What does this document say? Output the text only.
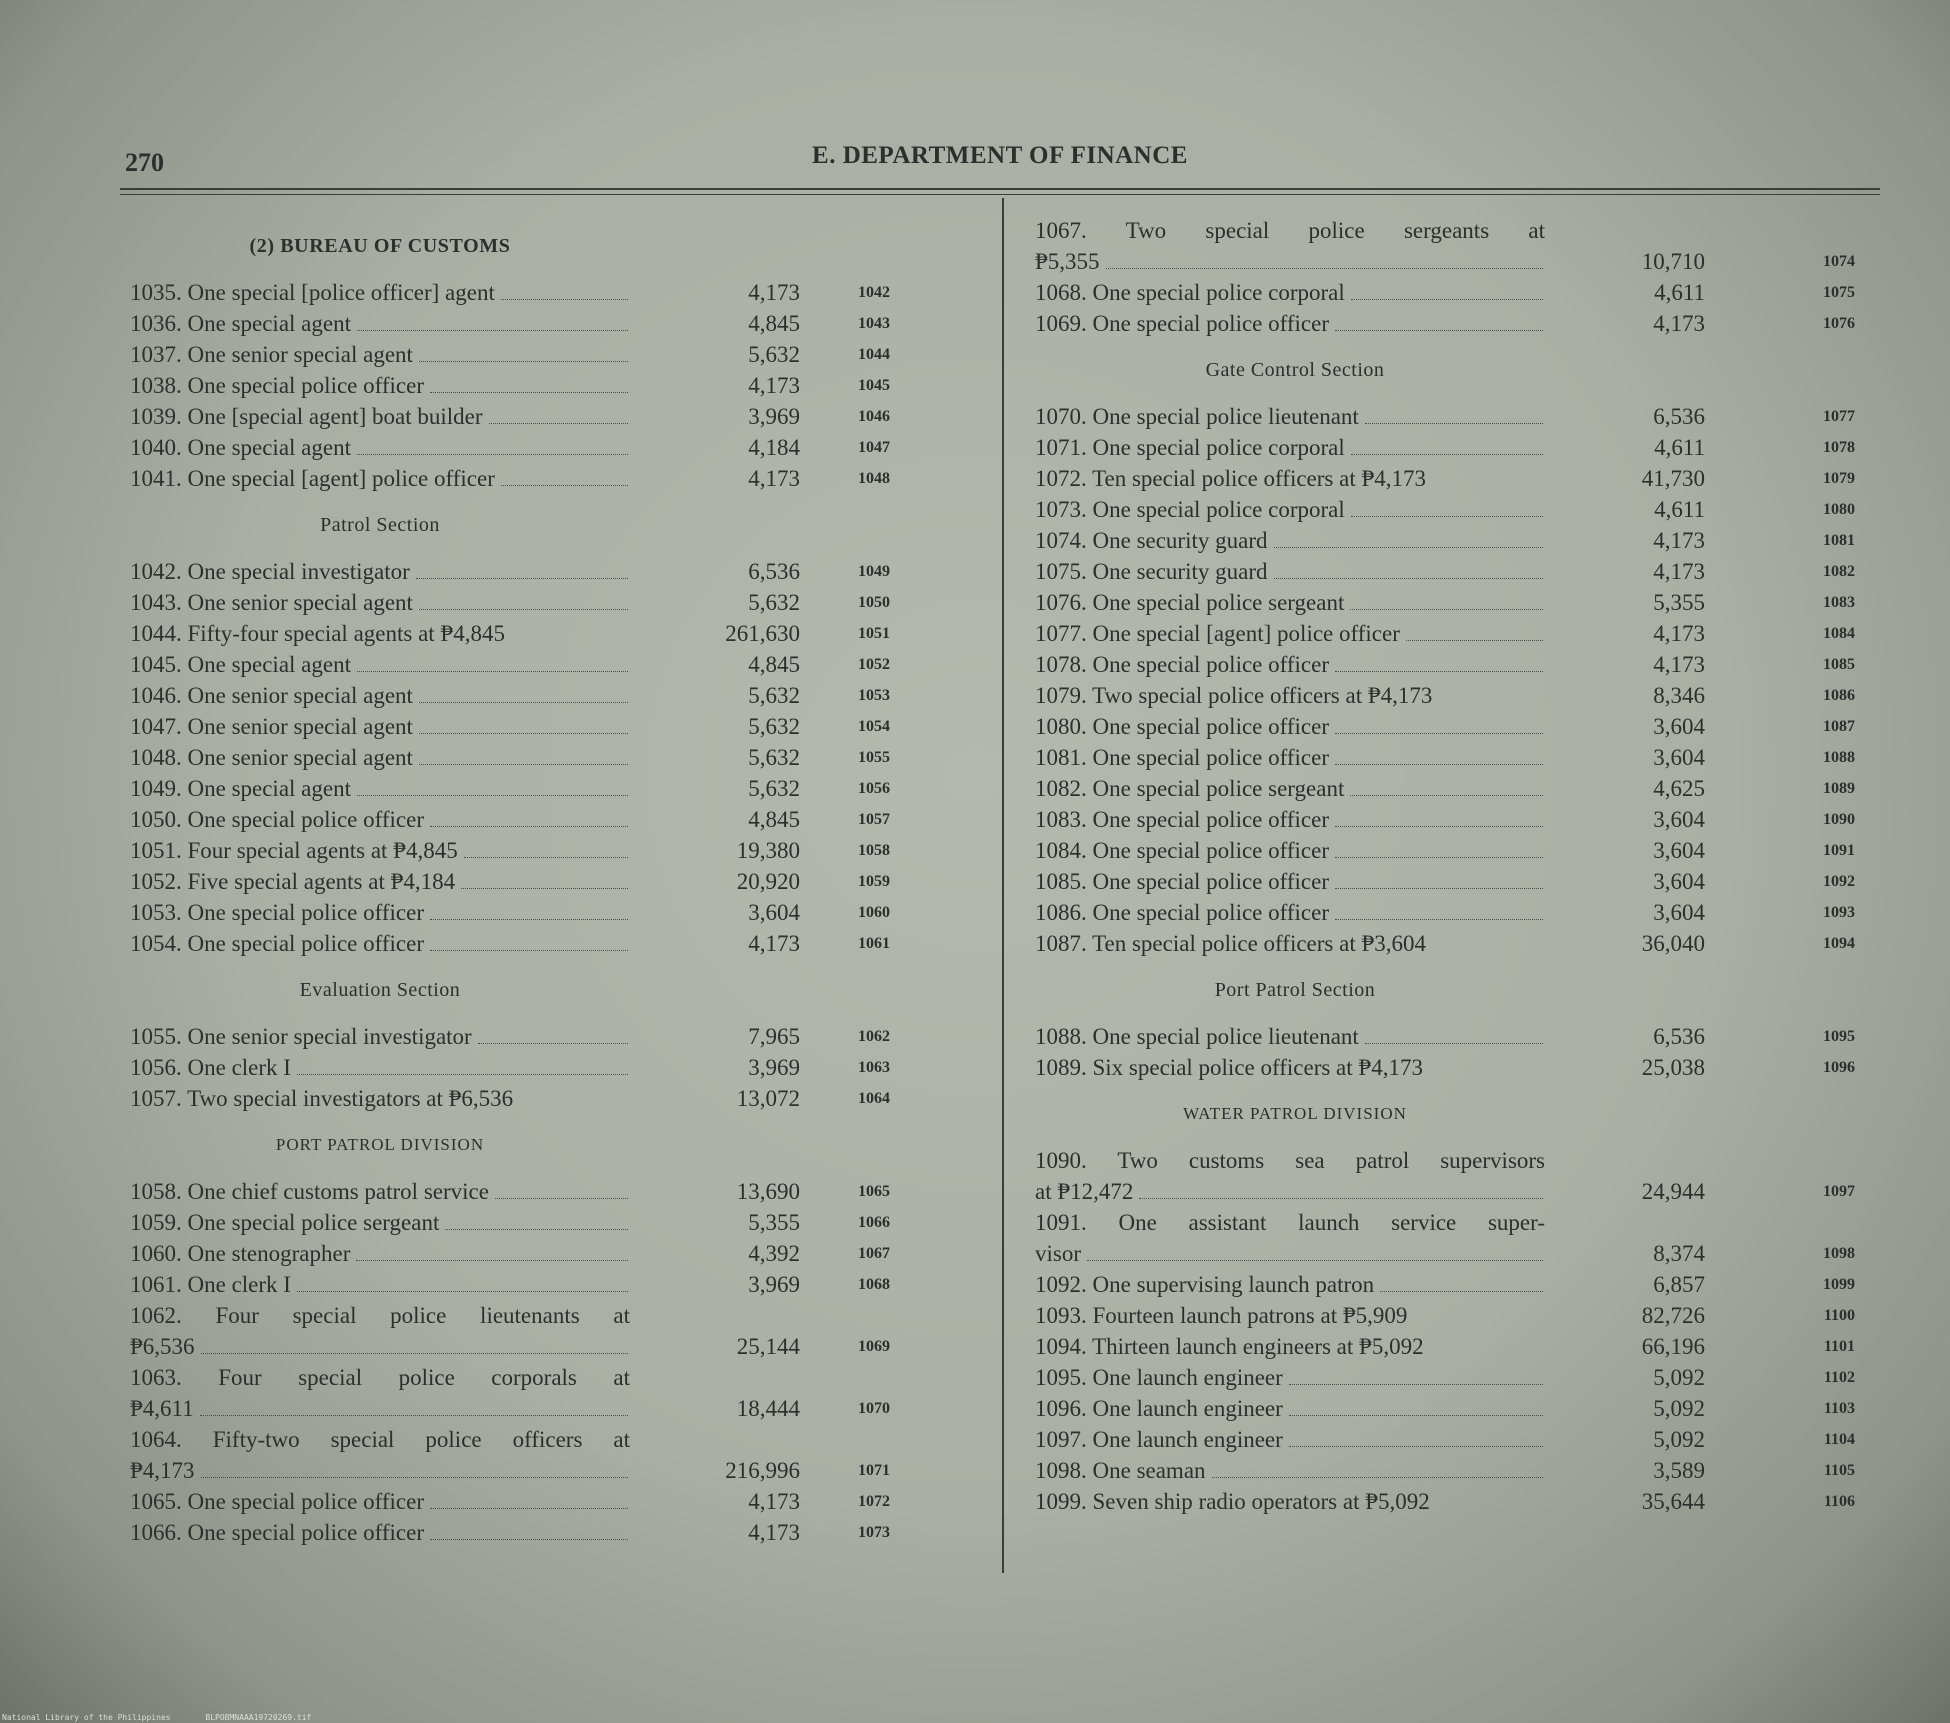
270	E. DEPARTMENT OF FINANCE
(2) BUREAU OF CUSTOMS
1035. One special [police officer] agent	4,173	1042
1036. One special agent	4,845	1043
1037. One senior special agent	5,632	1044
1038. One special police officer	4,173	1045
1039. One [special agent] boat builder	3,969	1046
1040. One special agent	4,184	1047
1041. One special [agent] police officer	4,173	1048
Patrol Section
1042. One special investigator	6,536	1049
1043. One senior special agent	5,632	1050
1044. Fifty-four special agents at ₱4,845	261,630	1051
1045. One special agent	4,845	1052
1046. One senior special agent	5,632	1053
1047. One senior special agent	5,632	1054
1048. One senior special agent	5,632	1055
1049. One special agent	5,632	1056
1050. One special police officer	4,845	1057
1051. Four special agents at ₱4,845	19,380	1058
1052. Five special agents at ₱4,184	20,920	1059
1053. One special police officer	3,604	1060
1054. One special police officer	4,173	1061
Evaluation Section
1055. One senior special investigator	7,965	1062
1056. One clerk I	3,969	1063
1057. Two special investigators at ₱6,536	13,072	1064
PORT PATROL DIVISION
1058. One chief customs patrol service	13,690	1065
1059. One special police sergeant	5,355	1066
1060. One stenographer	4,392	1067
1061. One clerk I	3,969	1068
1062. Four special police lieutenants at
₱6,536	25,144	1069
1063. Four special police corporals at
₱4,611	18,444	1070
1064. Fifty-two special police officers at
₱4,173	216,996	1071
1065. One special police officer	4,173	1072
1066. One special police officer	4,173	1073
1067. Two special police sergeants at
₱5,355	10,710	1074
1068. One special police corporal	4,611	1075
1069. One special police officer	4,173	1076
Gate Control Section
1070. One special police lieutenant	6,536	1077
1071. One special police corporal	4,611	1078
1072. Ten special police officers at ₱4,173	41,730	1079
1073. One special police corporal	4,611	1080
1074. One security guard	4,173	1081
1075. One security guard	4,173	1082
1076. One special police sergeant	5,355	1083
1077. One special [agent] police officer	4,173	1084
1078. One special police officer	4,173	1085
1079. Two special police officers at ₱4,173	8,346	1086
1080. One special police officer	3,604	1087
1081. One special police officer	3,604	1088
1082. One special police sergeant	4,625	1089
1083. One special police officer	3,604	1090
1084. One special police officer	3,604	1091
1085. One special police officer	3,604	1092
1086. One special police officer	3,604	1093
1087. Ten special police officers at ₱3,604	36,040	1094
Port Patrol Section
1088. One special police lieutenant	6,536	1095
1089. Six special police officers at ₱4,173	25,038	1096
WATER PATROL DIVISION
1090. Two customs sea patrol supervisors
at ₱12,472	24,944	1097
1091. One assistant launch service super-
visor	8,374	1098
1092. One supervising launch patron	6,857	1099
1093. Fourteen launch patrons at ₱5,909	82,726	1100
1094. Thirteen launch engineers at ₱5,092	66,196	1101
1095. One launch engineer	5,092	1102
1096. One launch engineer	5,092	1103
1097. One launch engineer	5,092	1104
1098. One seaman	3,589	1105
1099. Seven ship radio operators at ₱5,092	35,644	1106
National Library of the Philippines	BLPOBMNAAA19720269.tif
